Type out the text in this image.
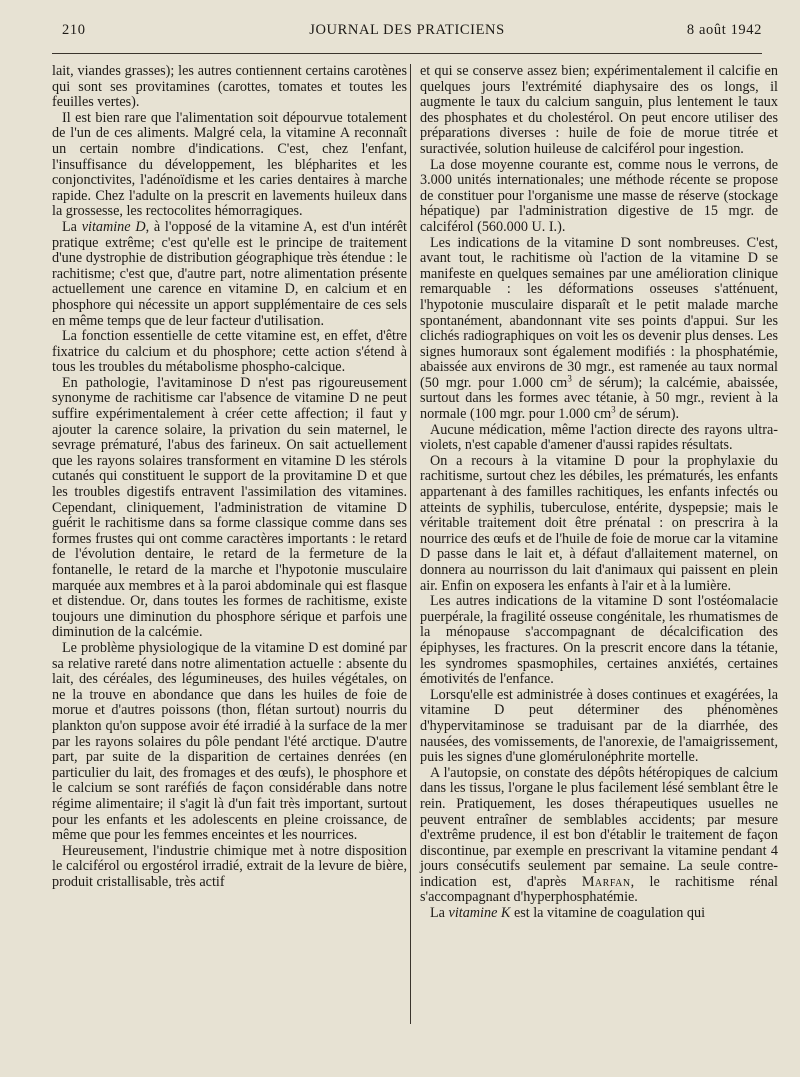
210	JOURNAL DES PRATICIENS	8 août 1942

lait, viandes grasses); les autres contiennent certains carotènes qui sont ses provitamines (carottes, tomates et toutes les feuilles vertes).

Il est bien rare que l'alimentation soit dépourvue totalement de l'un de ces aliments. Malgré cela, la vitamine A reconnaît un certain nombre d'indications. C'est, chez l'enfant, l'insuffisance du développement, les blépharites et les conjonctivites, l'adénoïdisme et les caries dentaires à marche rapide. Chez l'adulte on la prescrit en lavements huileux dans la grossesse, les rectocolites hémorragiques.

La vitamine D, à l'opposé de la vitamine A, est d'un intérêt pratique extrême; c'est qu'elle est le principe de traitement d'une dystrophie de distribution géographique très étendue : le rachitisme; c'est que, d'autre part, notre alimentation présente actuellement une carence en vitamine D, en calcium et en phosphore qui nécessite un apport supplémentaire de ces sels en même temps que de leur facteur d'utilisation.

La fonction essentielle de cette vitamine est, en effet, d'être fixatrice du calcium et du phosphore; cette action s'étend à tous les troubles du métabolisme phospho-calcique.

En pathologie, l'avitaminose D n'est pas rigoureusement synonyme de rachitisme car l'absence de vitamine D ne peut suffire expérimentalement à créer cette affection; il faut y ajouter la carence solaire, la privation du sein maternel, le sevrage prématuré, l'abus des farineux. On sait actuellement que les rayons solaires transforment en vitamine D les stérols cutanés qui constituent le support de la provitamine D et que les troubles digestifs entravent l'assimilation des vitamines. Cependant, cliniquement, l'administration de vitamine D guérit le rachitisme dans sa forme classique comme dans ses formes frustes qui ont comme caractères importants : le retard de l'évolution dentaire, le retard de la fermeture de la fontanelle, le retard de la marche et l'hypotonie musculaire marquée aux membres et à la paroi abdominale qui est flasque et distendue. Or, dans toutes les formes de rachitisme, existe toujours une diminution du phosphore sérique et parfois une diminution de la calcémie.

Le problème physiologique de la vitamine D est dominé par sa relative rareté dans notre alimentation actuelle : absente du lait, des céréales, des légumineuses, des huiles végétales, on ne la trouve en abondance que dans les huiles de foie de morue et d'autres poissons (thon, flétan surtout) nourris du plankton qu'on suppose avoir été irradié à la surface de la mer par les rayons solaires du pôle pendant l'été arctique. D'autre part, par suite de la disparition de certaines denrées (en particulier du lait, des fromages et des œufs), le phosphore et le calcium se sont raréfiés de façon considérable dans notre régime alimentaire; il s'agit là d'un fait très important, surtout pour les enfants et les adolescents en pleine croissance, de même que pour les femmes enceintes et les nourrices.

Heureusement, l'industrie chimique met à notre disposition le calciférol ou ergostérol irradié, extrait de la levure de bière, produit cristallisable, très actif

et qui se conserve assez bien; expérimentalement il calcifie en quelques jours l'extrémité diaphysaire des os longs, il augmente le taux du calcium sanguin, plus lentement le taux des phosphates et du cholestérol. On peut encore utiliser des préparations diverses : huile de foie de morue titrée et suractivée, solution huileuse de calciférol pour ingestion.

La dose moyenne courante est, comme nous le verrons, de 3.000 unités internationales; une méthode récente se propose de constituer pour l'organisme une masse de réserve (stockage hépatique) par l'administration digestive de 15 mgr. de calciférol (560.000 U. I.).

Les indications de la vitamine D sont nombreuses. C'est, avant tout, le rachitisme où l'action de la vitamine D se manifeste en quelques semaines par une amélioration clinique remarquable : les déformations osseuses s'atténuent, l'hypotonie musculaire disparaît et le petit malade marche spontanément, abandonnant vite ses points d'appui. Sur les clichés radiographiques on voit les os devenir plus denses. Les signes humoraux sont également modifiés : la phosphatémie, abaissée aux environs de 30 mgr., est ramenée au taux normal (50 mgr. pour 1.000 $cm^3$ de sérum); la calcémie, abaissée, surtout dans les formes avec tétanie, à 50 mgr., revient à la normale (100 mgr. pour 1.000 $cm^3$ de sérum).

Aucune médication, même l'action directe des rayons ultra-violets, n'est capable d'amener d'aussi rapides résultats.

On a recours à la vitamine D pour la prophylaxie du rachitisme, surtout chez les débiles, les prématurés, les enfants appartenant à des familles rachitiques, les enfants infectés ou atteints de syphilis, tuberculose, entérite, dyspepsie; mais le véritable traitement doit être prénatal : on prescrira à la nourrice des œufs et de l'huile de foie de morue car la vitamine D passe dans le lait et, à défaut d'allaitement maternel, on donnera au nourrisson du lait d'animaux qui paissent en plein air. Enfin on exposera les enfants à l'air et à la lumière.

Les autres indications de la vitamine D sont l'ostéomalacie puerpérale, la fragilité osseuse congénitale, les rhumatismes de la ménopause s'accompagnant de décalcification des épiphyses, les fractures. On la prescrit encore dans la tétanie, les syndromes spasmophiles, certaines anxiétés, certaines émotivités de l'enfance.

Lorsqu'elle est administrée à doses continues et exagérées, la vitamine D peut déterminer des phénomènes d'hypervitaminose se traduisant par de la diarrhée, des nausées, des vomissements, de l'anorexie, de l'amaigrissement, puis les signes d'une glomérulonéphrite mortelle.

A l'autopsie, on constate des dépôts hétéropiques de calcium dans les tissus, l'organe le plus facilement lésé semblant être le rein. Pratiquement, les doses thérapeutiques usuelles ne peuvent entraîner de semblables accidents; par mesure d'extrême prudence, il est bon d'établir le traitement de façon discontinue, par exemple en prescrivant la vitamine pendant 4 jours consécutifs seulement par semaine. La seule contre-indication est, d'après Marfan, le rachitisme rénal s'accompagnant d'hyperphosphatémie.

La vitamine K est la vitamine de coagulation qui
